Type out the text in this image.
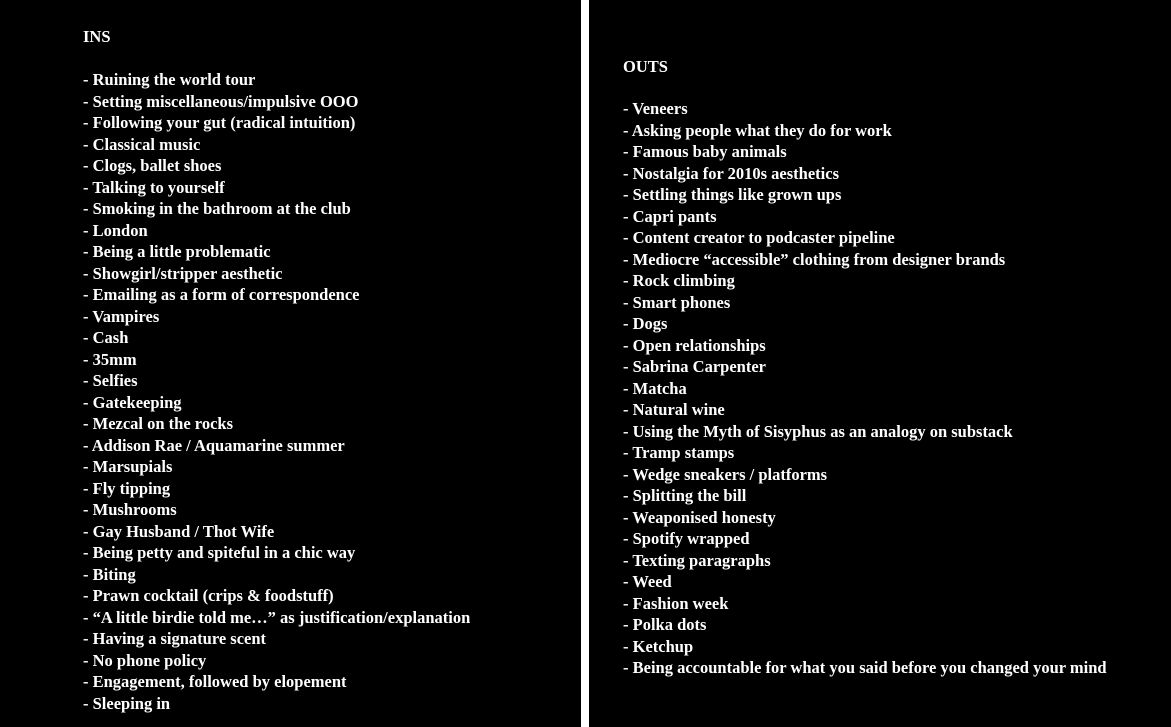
INS
- Ruining the world tour
- Setting miscellaneous/impulsive OOO
- Following your gut (radical intuition)
- Classical music
- Clogs, ballet shoes
- Talking to yourself
- Smoking in the bathroom at the club
- London
- Being a little problematic
- Showgirl/stripper aesthetic
- Emailing as a form of correspondence
- Vampires
- Cash
- 35mm
- Selfies
- Gatekeeping
- Mezcal on the rocks
- Addison Rae / Aquamarine summer
- Marsupials
- Fly tipping
- Mushrooms
- Gay Husband / Thot Wife
- Being petty and spiteful in a chic way
- Biting
- Prawn cocktail (crips & foodstuff)
- “A little birdie told me…” as justification/explanation
- Having a signature scent
- No phone policy
- Engagement, followed by elopement
- Sleeping in
OUTS
- Veneers
- Asking people what they do for work
- Famous baby animals
- Nostalgia for 2010s aesthetics
- Settling things like grown ups
- Capri pants
- Content creator to podcaster pipeline
- Mediocre “accessible” clothing from designer brands
- Rock climbing
- Smart phones
- Dogs
- Open relationships
- Sabrina Carpenter
- Matcha
- Natural wine
- Using the Myth of Sisyphus as an analogy on substack
- Tramp stamps
- Wedge sneakers / platforms
- Splitting the bill
- Weaponised honesty
- Spotify wrapped
- Texting paragraphs
- Weed
- Fashion week
- Polka dots
- Ketchup
- Being accountable for what you said before you changed your mind
